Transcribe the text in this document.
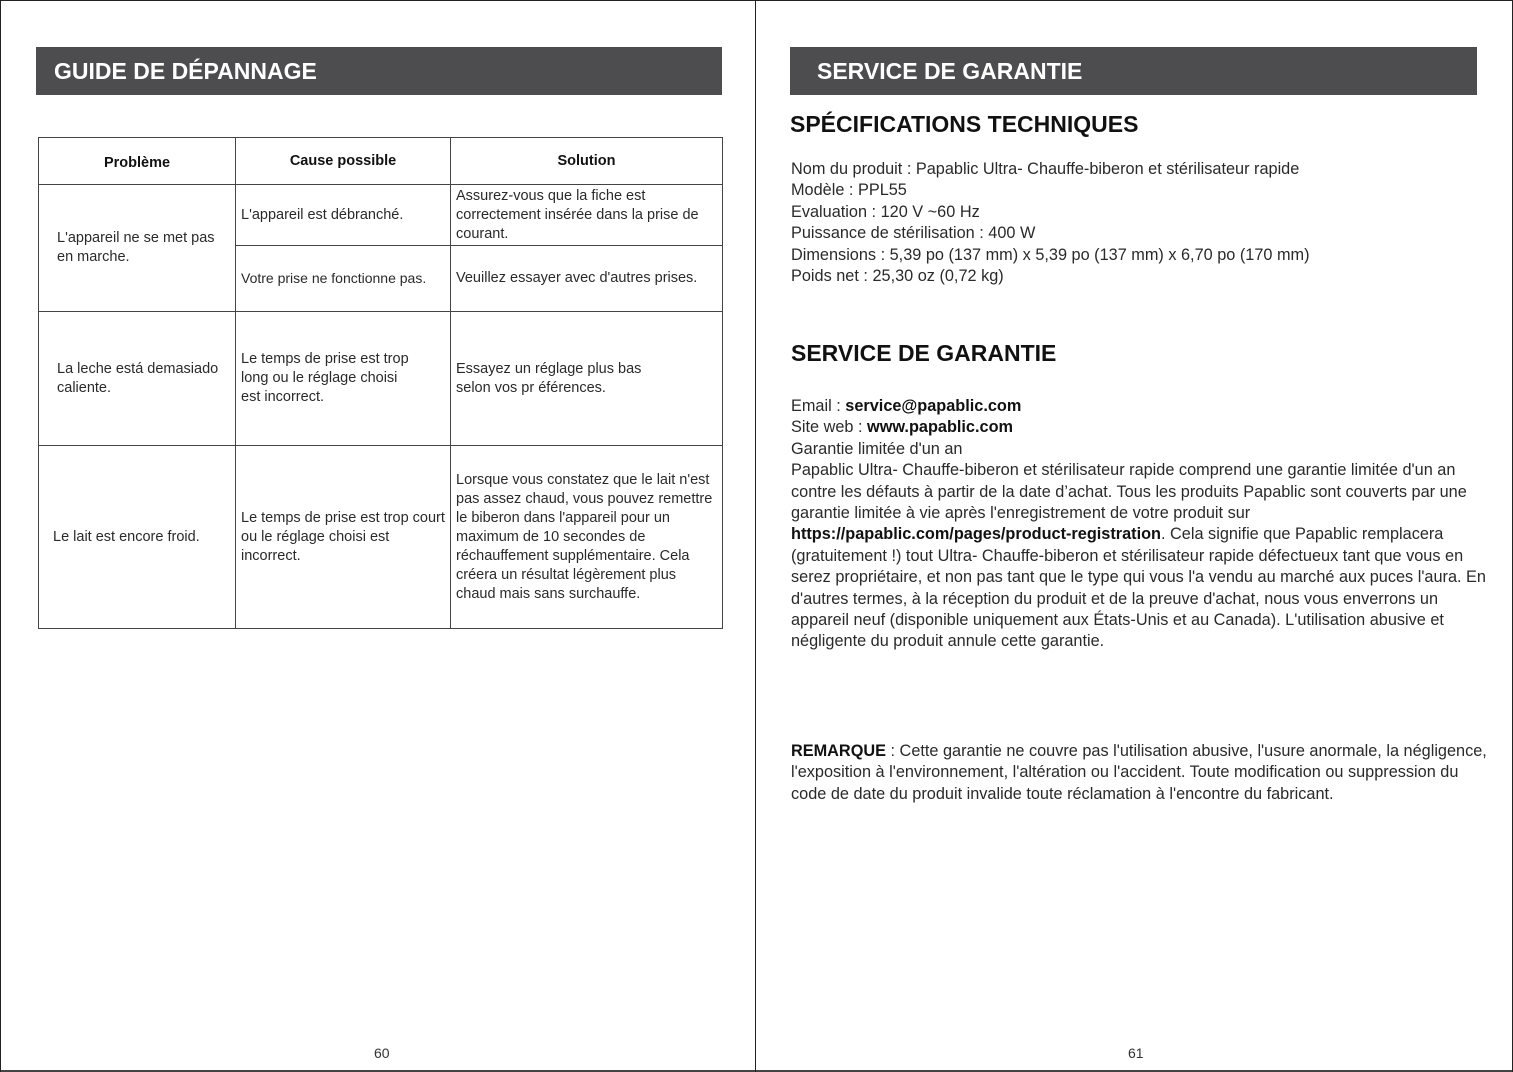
GUIDE DE DÉPANNAGE
Problème	Cause possible	Solution

L'appareil ne se met pas en marche.	L'appareil est débranché.	Assurez-vous que la fiche est correctement insérée dans la prise de courant.

	Votre prise ne fonctionne pas.	Veuillez essayer avec d'autres prises.

La leche está demasiado caliente.	Le temps de prise est trop long ou le réglage choisi est incorrect.	Essayez un réglage plus bas selon vos pr éférences.

Le lait est encore froid.	Le temps de prise est trop court ou le réglage choisi est incorrect.	Lorsque vous constatez que le lait n'est pas assez chaud, vous pouvez remettre le biberon dans l'appareil pour un maximum de 10 secondes de réchauffement supplémentaire. Cela créera un résultat légèrement plus chaud mais sans surchauffe.
60
SERVICE DE GARANTIE
SPÉCIFICATIONS TECHNIQUES
Nom du produit : Papablic Ultra- Chauffe-biberon et stérilisateur rapide
Modèle : PPL55
Evaluation : 120 V ~60 Hz
Puissance de stérilisation : 400 W
Dimensions : 5,39 po (137 mm) x 5,39 po (137 mm) x 6,70 po (170 mm)
Poids net : 25,30 oz (0,72 kg)
SERVICE DE GARANTIE
Email : service@papablic.com
Site web : www.papablic.com
Garantie limitée d'un an
Papablic Ultra- Chauffe-biberon et stérilisateur rapide comprend une garantie limitée d'un an contre les défauts à partir de la date d’achat. Tous les produits Papablic sont couverts par une garantie limitée à vie après l'enregistrement de votre produit sur https://papablic.com/pages/product-registration. Cela signifie que Papablic remplacera (gratuitement !) tout Ultra- Chauffe-biberon et stérilisateur rapide défectueux tant que vous en serez propriétaire, et non pas tant que le type qui vous l'a vendu au marché aux puces l'aura. En d'autres termes, à la réception du produit et de la preuve d'achat, nous vous enverrons un appareil neuf (disponible uniquement aux États-Unis et au Canada). L'utilisation abusive et négligente du produit annule cette garantie.
REMARQUE : Cette garantie ne couvre pas l'utilisation abusive, l'usure anormale, la négligence, l'exposition à l'environnement, l'altération ou l'accident. Toute modification ou suppression du code de date du produit invalide toute réclamation à l'encontre du fabricant.
61
